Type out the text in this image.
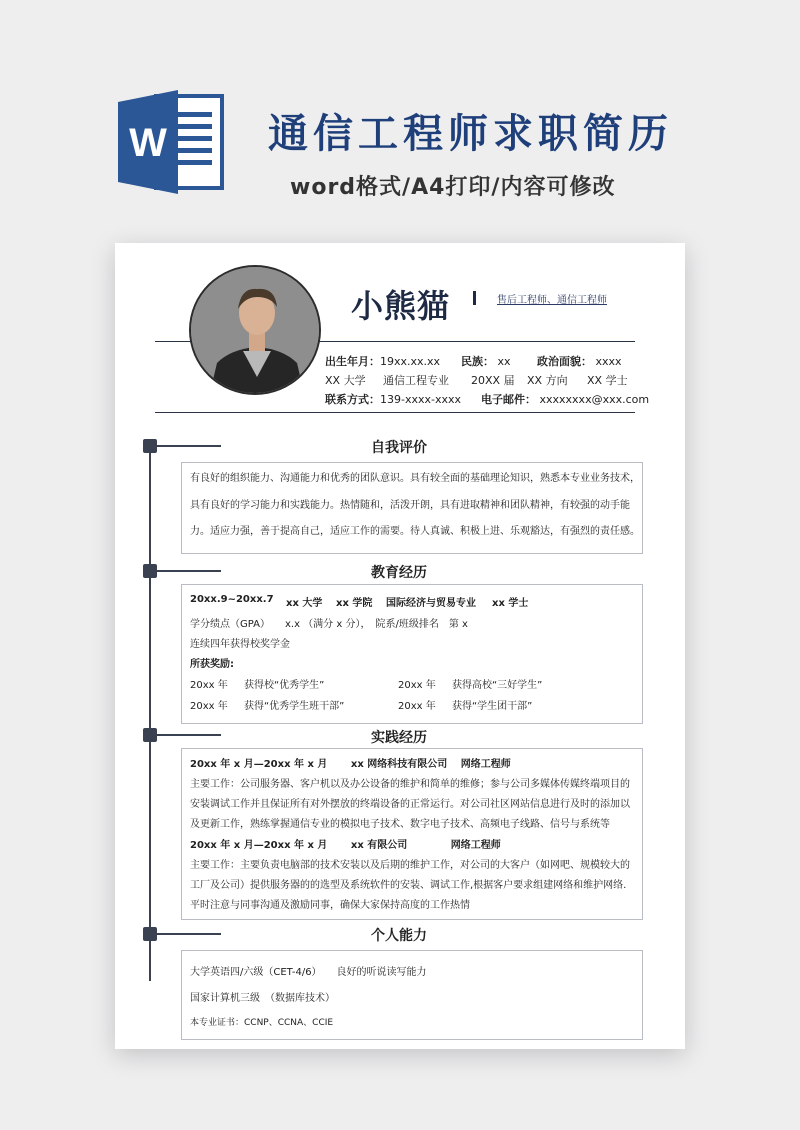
W	通信工程师求职简历
word格式/A4打印/内容可修改
小熊猫	售后工程师、通信工程师
出生年月：19xx.xx.xx 民族： xx 政治面貌： xxxx
XX 大学 通信工程专业 20XX 届 XX 方向 XX 学士
联系方式：139-xxxx-xxxx 电子邮件： xxxxxxxx@xxx.com
自我评价

有良好的组织能力、沟通能力和优秀的团队意识。具有较全面的基础理论知识，熟悉本专业业务技术，

具有良好的学习能力和实践能力。热情随和，活泼开朗，具有进取精神和团队精神，有较强的动手能

力。适应力强，善于提高自己，适应工作的需要。待人真诚、积极上进、乐观豁达，有强烈的责任感。

教育经历
20xx.9~20xx.7	xx 大学	xx 学院	国际经济与贸易专业	xx 学士
学分绩点（GPA）　　x.x （满分 x 分），　院系/班级排名　第 x
连续四年获得校奖学金
所获奖励:
20xx 年	获得校“优秀学生”	20xx 年	获得高校“三好学生”
20xx 年	获得“优秀学生班干部”	20xx 年	获得“学生团干部”
实践经历
20xx 年 x 月—20xx 年 x 月　　 xx 网络科技有限公司　 网络工程师
主要工作：公司服务器、客户机以及办公设备的维护和简单的维修；参与公司多媒体传媒终端项目的
安装调试工作并且保证所有对外摆放的终端设备的正常运行。对公司社区网站信息进行及时的添加以
及更新工作，熟练掌握通信专业的模拟电子技术、数字电子技术、高频电子线路、信号与系统等
20xx 年 x 月—20xx 年 x 月　　 xx 有限公司　　　　 网络工程师
主要工作：主要负责电脑部的技术安装以及后期的维护工作，对公司的大客户（如网吧、规模较大的
工厂及公司）提供服务器的的选型及系统软件的安装、调试工作,根据客户要求组建网络和维护网络.
平时注意与同事沟通及激励同事，确保大家保持高度的工作热情
个人能力
大学英语四/六级（CET-4/6）　　良好的听说读写能力
国家计算机三级　（数据库技术）
本专业证书：CCNP、CCNA、CCIE
